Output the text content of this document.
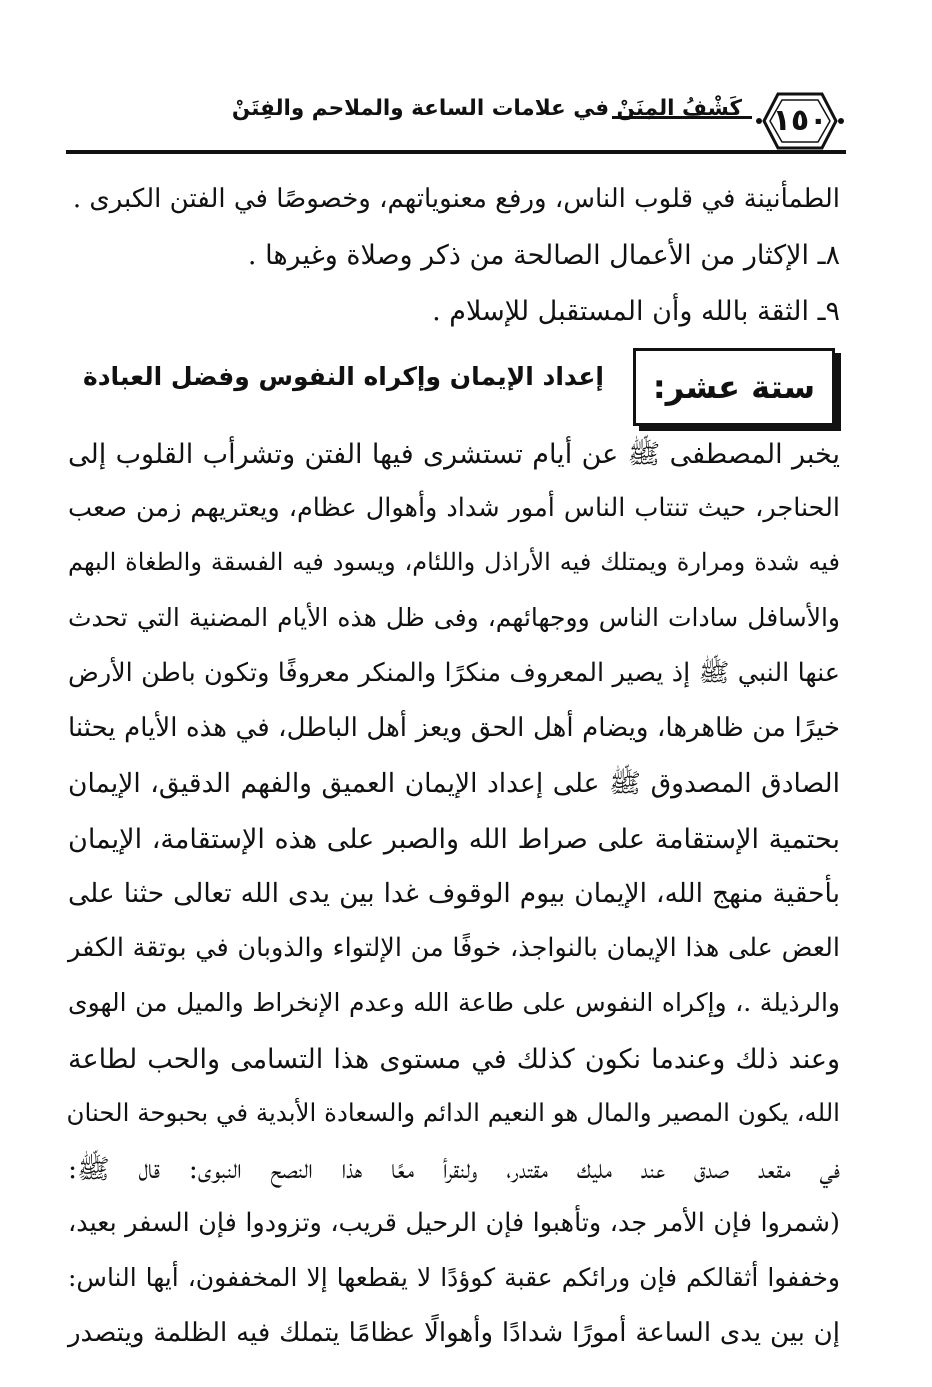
كَشْفُ المِنَنْ في علامات الساعة والملاحم والفِتَنْ	١٥٠
الطمأنينة في قلوب الناس، ورفع معنوياتهم، وخصوصًا في الفتن الكبرى .
٨ـ الإكثار من الأعمال الصالحة من ذكر وصلاة وغيرها .
٩ـ الثقة بالله وأن المستقبل للإسلام .
ستة عشر:
إعداد الإيمان وإكراه النفوس وفضل العبادة
يخبر المصطفى ﷺ عن أيام تستشرى فيها الفتن وتشرأب القلوب إلى
الحناجر، حيث تنتاب الناس أمور شداد وأهوال عظام، ويعتريهم زمن صعب
فيه شدة ومرارة ويمتلك فيه الأراذل واللئام، ويسود فيه الفسقة والطغاة البهم
والأسافل سادات الناس ووجهائهم، وفى ظل هذه الأيام المضنية التي تحدث
عنها النبي ﷺ إذ يصير المعروف منكرًا والمنكر معروفًا وتكون باطن الأرض
خيرًا من ظاهرها، ويضام أهل الحق ويعز أهل الباطل، في هذه الأيام يحثنا
الصادق المصدوق ﷺ على إعداد الإيمان العميق والفهم الدقيق، الإيمان
بحتمية الإستقامة على صراط الله والصبر على هذه الإستقامة، الإيمان
بأحقية منهج الله، الإيمان بيوم الوقوف غدا بين يدى الله تعالى حثنا على
العض على هذا الإيمان بالنواجذ، خوفًا من الإلتواء والذوبان في بوتقة الكفر
والرذيلة .، وإكراه النفوس على طاعة الله وعدم الإنخراط والميل من الهوى
وعند ذلك وعندما نكون كذلك في مستوى هذا التسامى والحب لطاعة
الله، يكون المصير والمال هو النعيم الدائم والسعادة الأبدية في بحبوحة الحنان
في مقعد صدق عند مليك مقتدر، ولنقرأ معًا هذا النصح النبوى: قال ﷺ:
(شمروا فإن الأمر جد، وتأهبوا فإن الرحيل قريب، وتزودوا فإن السفر بعيد،
وخففوا أثقالكم فإن ورائكم عقبة كوؤدًا لا يقطعها إلا المخففون، أيها الناس:
إن بين يدى الساعة أمورًا شدادًا وأهوالًا عظامًا يتملك فيه الظلمة ويتصدر
